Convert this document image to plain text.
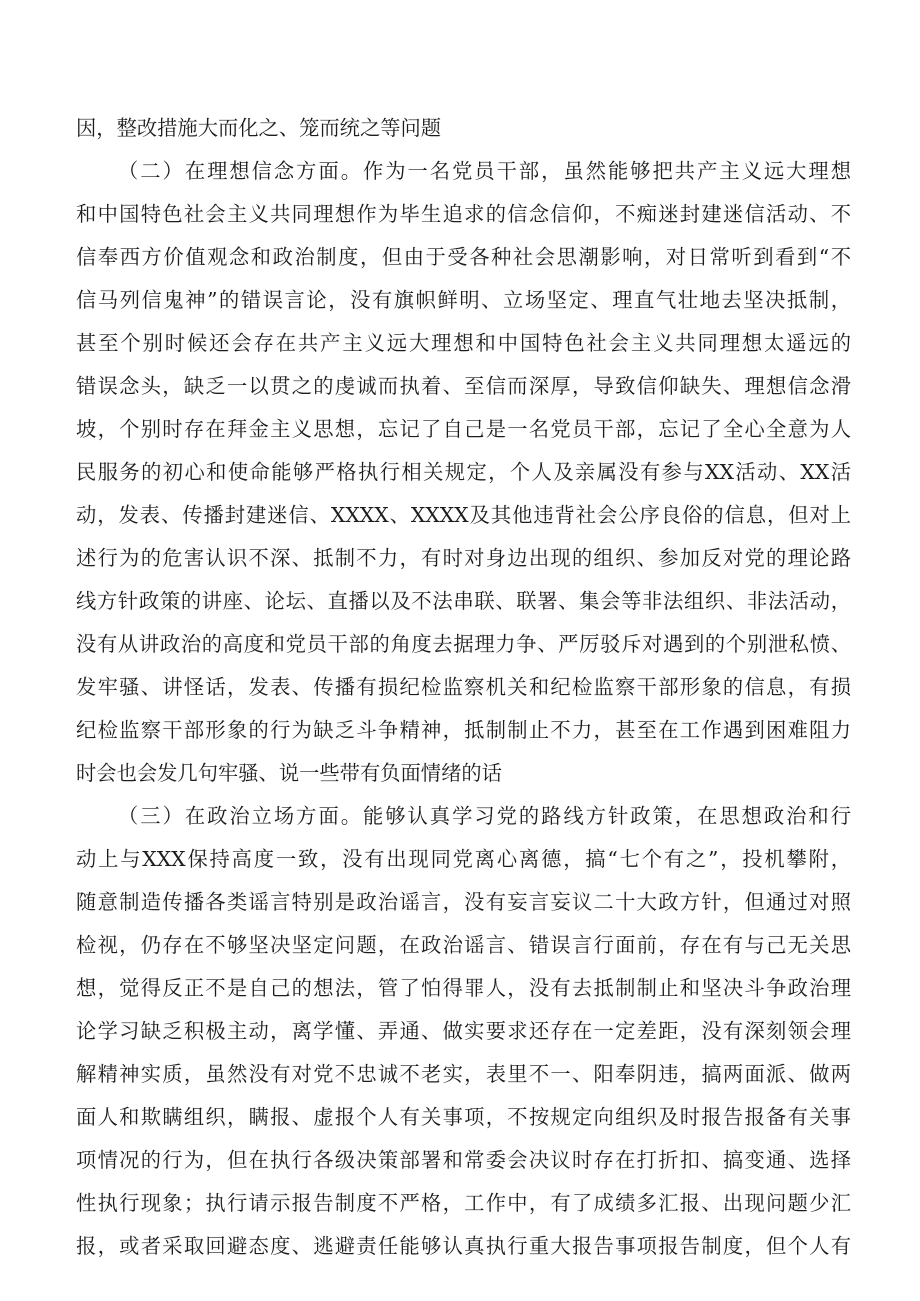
因，整改措施大而化之、笼而统之等问题
（二）在理想信念方面。作为一名党员干部，虽然能够把共产主义远大理想
和中国特色社会主义共同理想作为毕生追求的信念信仰，不痴迷封建迷信活动、不
信奉西方价值观念和政治制度，但由于受各种社会思潮影响，对日常听到看到“不
信马列信鬼神”的错误言论，没有旗帜鲜明、立场坚定、理直气壮地去坚决抵制，
甚至个别时候还会存在共产主义远大理想和中国特色社会主义共同理想太遥远的
错误念头，缺乏一以贯之的虔诚而执着、至信而深厚，导致信仰缺失、理想信念滑
坡，个别时存在拜金主义思想，忘记了自己是一名党员干部，忘记了全心全意为人
民服务的初心和使命能够严格执行相关规定，个人及亲属没有参与XX活动、XX活
动，发表、传播封建迷信、XXXX、XXXX及其他违背社会公序良俗的信息，但对上
述行为的危害认识不深、抵制不力，有时对身边出现的组织、参加反对党的理论路
线方针政策的讲座、论坛、直播以及不法串联、联署、集会等非法组织、非法活动，
没有从讲政治的高度和党员干部的角度去据理力争、严厉驳斥对遇到的个别泄私愤、
发牢骚、讲怪话，发表、传播有损纪检监察机关和纪检监察干部形象的信息，有损
纪检监察干部形象的行为缺乏斗争精神，抵制制止不力，甚至在工作遇到困难阻力
时会也会发几句牢骚、说一些带有负面情绪的话
（三）在政治立场方面。能够认真学习党的路线方针政策，在思想政治和行
动上与XXX保持高度一致，没有出现同党离心离德，搞“七个有之”，投机攀附，
随意制造传播各类谣言特别是政治谣言，没有妄言妄议二十大政方针，但通过对照
检视，仍存在不够坚决坚定问题，在政治谣言、错误言行面前，存在有与己无关思
想，觉得反正不是自己的想法，管了怕得罪人，没有去抵制制止和坚决斗争政治理
论学习缺乏积极主动，离学懂、弄通、做实要求还存在一定差距，没有深刻领会理
解精神实质，虽然没有对党不忠诚不老实，表里不一、阳奉阴违，搞两面派、做两
面人和欺瞒组织，瞒报、虚报个人有关事项，不按规定向组织及时报告报备有关事
项情况的行为，但在执行各级决策部署和常委会决议时存在打折扣、搞变通、选择
性执行现象；执行请示报告制度不严格，工作中，有了成绩多汇报、出现问题少汇
报，或者采取回避态度、逃避责任能够认真执行重大报告事项报告制度，但个人有
